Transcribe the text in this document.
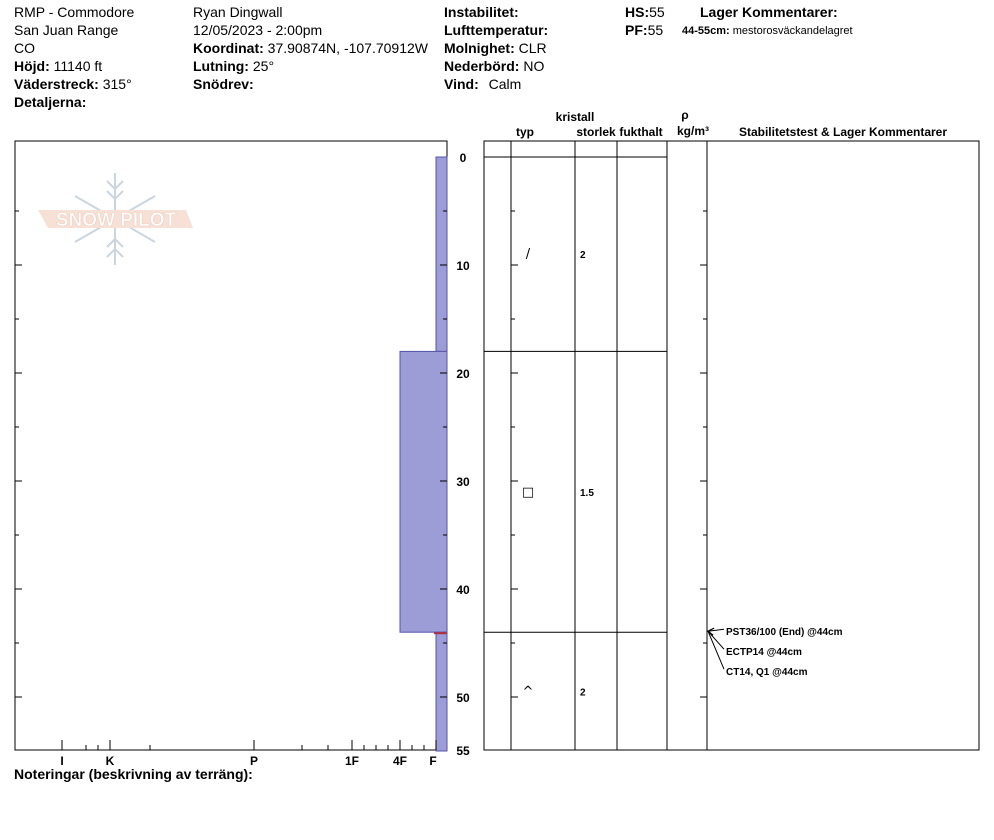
RMP - Commodore
San Juan Range
CO
Höjd: 11140 ft
Väderstreck: 315°
Detaljerna:
Ryan Dingwall
12/05/2023 - 2:00pm
Koordinat: 37.90874N, -107.70912W
Lutning: 25°
Snödrev:
Instabilitet:
Lufttemperatur:
Molnighet: CLR
Nederbörd: NO
Vind: Calm
HS:55
PF:55
Lager Kommentarer:
44-55cm: mestorosväckandelagret
typ
kristall
storlek fukthalt
ρ
kg/m³	Stabilitetstest & Lager Kommentarer
Noteringar (beskrivning av terräng):
SNOW PILOT
I	K	P	1F	4F F
0
10
20
30
40
50
55
/	2
□	1.5
^	2
PST36/100 (End) @44cm
ECTP14 @44cm
CT14, Q1 @44cm
